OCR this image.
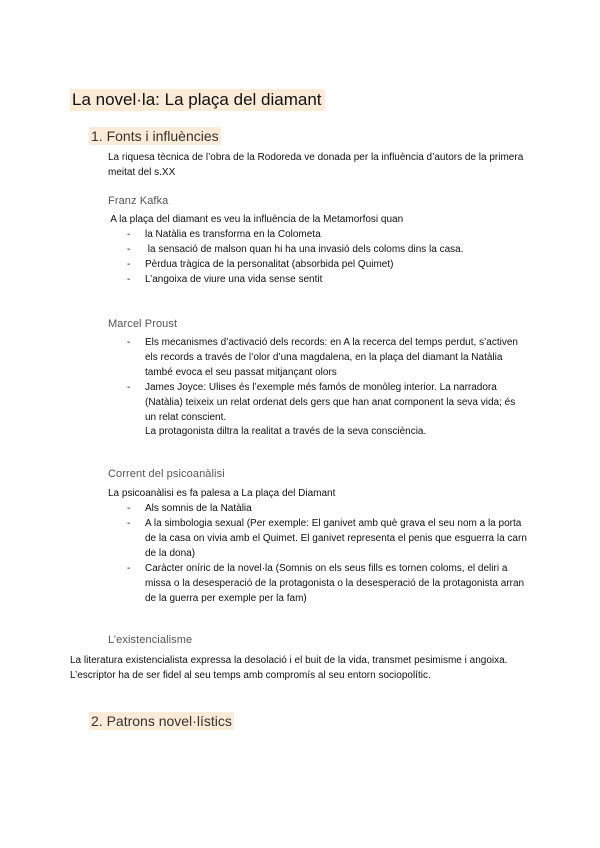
La novel·la: La plaça del diamant
1. Fonts i influències
La riquesa tècnica de l’obra de la Rodoreda ve donada per la influència d’autors de la primera meitat del s.XX
Franz Kafka
A la plaça del diamant es veu la influència de la Metamorfosi quan
- la Natàlia es transforma en la Colometa
-  la sensació de malson quan hi ha una invasió dels coloms dins la casa.
- Pèrdua tràgica de la personalitat (absorbida pel Quimet)
- L’angoixa de viure una vida sense sentit
Marcel Proust
- Els mecanismes d’activació dels records: en A la recerca del temps perdut, s’activen els records a través de l’olor d’una magdalena, en la plaça del diamant la Natàlia també evoca el seu passat mitjançant olors
- James Joyce: Ulises és l’exemple més famós de monòleg interior. La narradora (Natàlia) teixeix un relat ordenat dels gers que han anat component la seva vida; és un relat conscient.
La protagonista diltra la realitat a través de la seva consciència.
Corrent del psicoanàlisi
La psicoanàlisi es fa palesa a La plaça del Diamant
- Als somnis de la Natàlia
- A la simbologia sexual (Per exemple: El ganivet amb què grava el seu nom a la porta de la casa on vivia amb el Quimet. El ganivet representa el penis que esguerra la carn de la dona)
- Caràcter oníric de la novel·la (Somnis on els seus fills es tornen coloms, el deliri a missa o la desesperació de la protagonista o la desesperació de la protagonista arran de la guerra per exemple per la fam)
L’existencialisme
La literatura existencialista expressa la desolació i el buit de la vida, transmet pesimisme i angoixa. L’escriptor ha de ser fidel al seu temps amb compromís al seu entorn sociopolític.
2. Patrons novel·lístics
